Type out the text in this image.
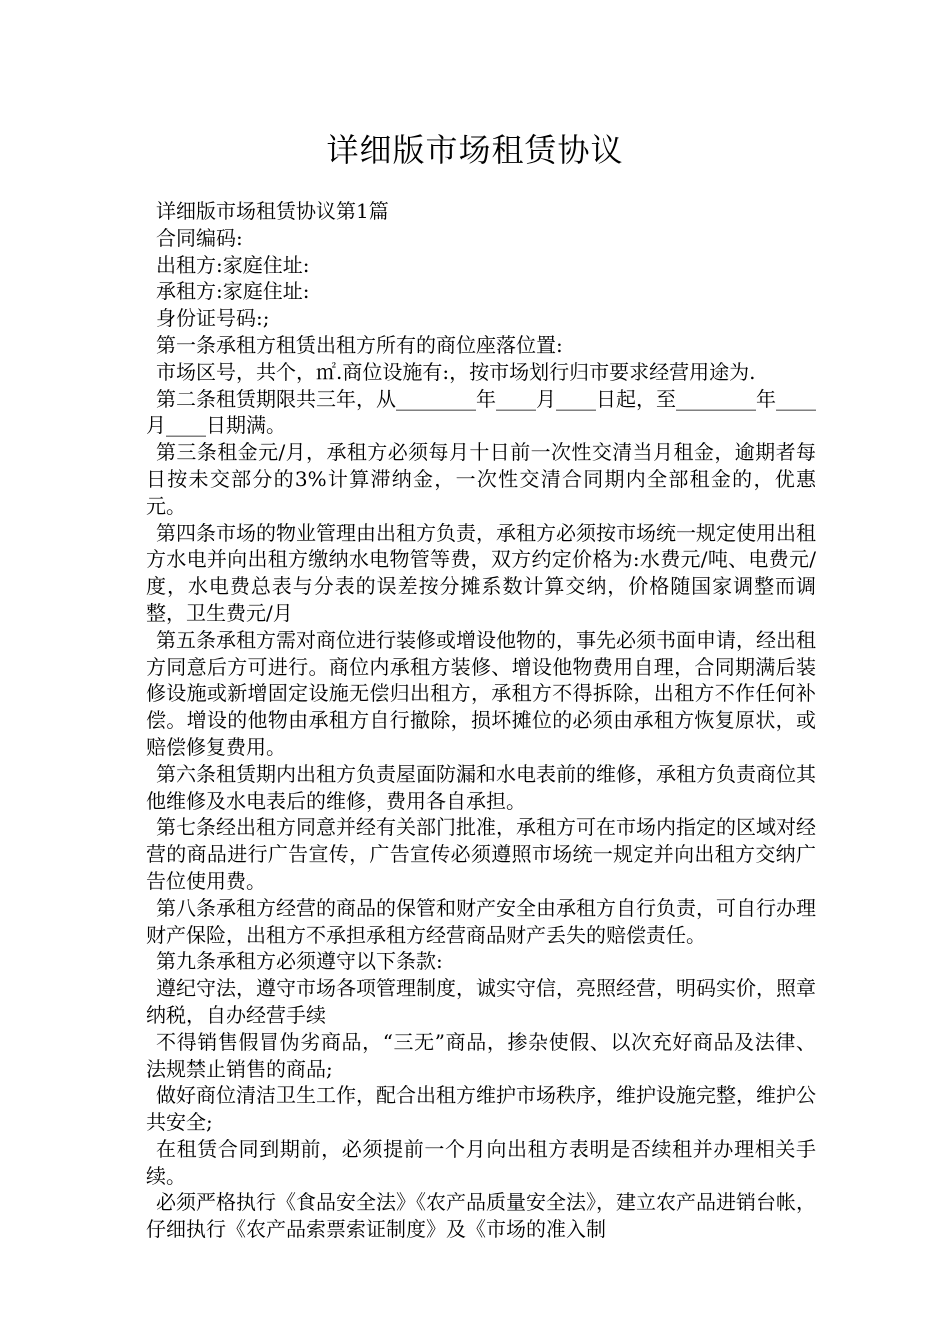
详细版市场租赁协议

详细版市场租赁协议第1篇

合同编码:

出租方:家庭住址:

承租方:家庭住址:

身份证号码:;

第一条承租方租赁出租方所有的商位座落位置:

市场区号，共个，㎡.商位设施有:，按市场划行归市要求经营用途为.

第二条租赁期限共三年，从________年____月____日起，至________年____月____日期满。

第三条租金元/月，承租方必须每月十日前一次性交清当月租金，逾期者每日按未交部分的3%计算滞纳金，一次性交清合同期内全部租金的，优惠元。

第四条市场的物业管理由出租方负责，承租方必须按市场统一规定使用出租方水电并向出租方缴纳水电物管等费，双方约定价格为:水费元/吨、电费元/度，水电费总表与分表的误差按分摊系数计算交纳，价格随国家调整而调整，卫生费元/月

第五条承租方需对商位进行装修或增设他物的，事先必须书面申请，经出租方同意后方可进行。商位内承租方装修、增设他物费用自理，合同期满后装修设施或新增固定设施无偿归出租方，承租方不得拆除，出租方不作任何补偿。增设的他物由承租方自行撤除，损坏摊位的必须由承租方恢复原状，或赔偿修复费用。

第六条租赁期内出租方负责屋面防漏和水电表前的维修，承租方负责商位其他维修及水电表后的维修，费用各自承担。

第七条经出租方同意并经有关部门批准，承租方可在市场内指定的区域对经营的商品进行广告宣传，广告宣传必须遵照市场统一规定并向出租方交纳广告位使用费。

第八条承租方经营的商品的保管和财产安全由承租方自行负责，可自行办理财产保险，出租方不承担承租方经营商品财产丢失的赔偿责任。

第九条承租方必须遵守以下条款:

遵纪守法，遵守市场各项管理制度，诚实守信，亮照经营，明码实价，照章纳税，自办经营手续

不得销售假冒伪劣商品，“三无”商品，掺杂使假、以次充好商品及法律、法规禁止销售的商品;

做好商位清洁卫生工作，配合出租方维护市场秩序，维护设施完整，维护公共安全;

在租赁合同到期前，必须提前一个月向出租方表明是否续租并办理相关手续。

必须严格执行《食品安全法》《农产品质量安全法》，建立农产品进销台帐，仔细执行《农产品索票索证制度》及《市场的准入制
